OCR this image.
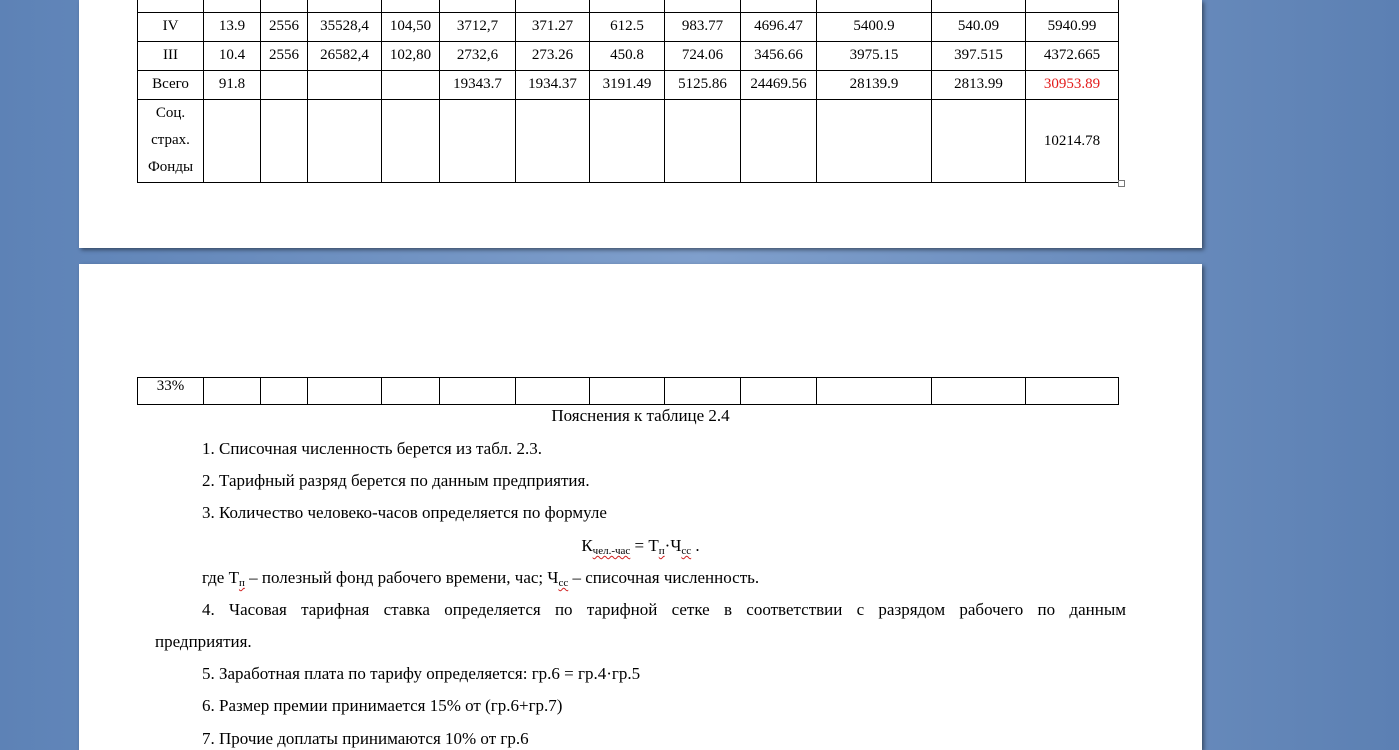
IV	13.9	2556	35528,4	104,50	3712,7	371.27	612.5	983.77	4696.47	5400.9	540.09	5940.99
III	10.4	2556	26582,4	102,80	2732,6	273.26	450.8	724.06	3456.66	3975.15	397.515	4372.665
Всего	91.8				19343.7	1934.37	3191.49	5125.86	24469.56	28139.9	2813.99	30953.89

Соц.
страх.
Фонды												10214.78
33%												
Пояснения к таблице 2.4
1. Списочная численность берется из табл. 2.3.
2. Тарифный разряд берется по данным предприятия.
3. Количество человеко-часов определяется по формуле
$К_{чел.-час} = Т_п\cdot Ч_{сс}$ .
где $Т_п$ – полезный фонд рабочего времени, час; $Ч_{сс}$ – списочная численность.
4. Часовая тарифная ставка определяется по тарифной сетке в соответствии с разрядом рабочего по данным
предприятия.
5. Заработная плата по тарифу определяется: гр.6 = гр.4·гр.5
6. Размер премии принимается 15% от (гр.6+гр.7)
7. Прочие доплаты принимаются 10% от гр.6
